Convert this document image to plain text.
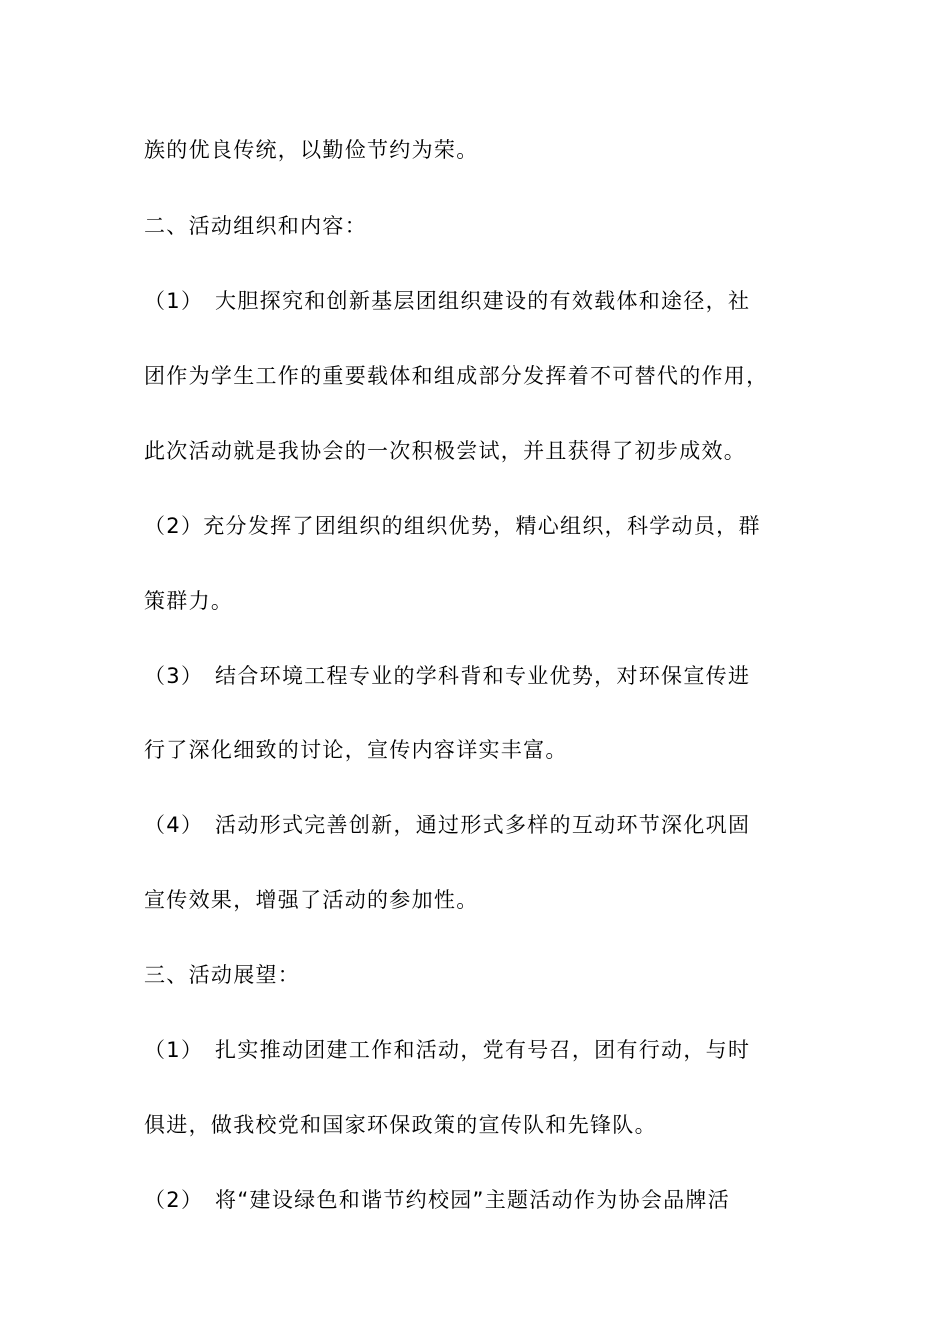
族的优良传统，以勤俭节约为荣。
二、活动组织和内容：
（1）　大胆探究和创新基层团组织建设的有效载体和途径，社
团作为学生工作的重要载体和组成部分发挥着不可替代的作用，
此次活动就是我协会的一次积极尝试，并且获得了初步成效。
（2）充分发挥了团组织的组织优势，精心组织，科学动员，群
策群力。
（3）　结合环境工程专业的学科背和专业优势，对环保宣传进
行了深化细致的讨论，宣传内容详实丰富。
（4）　活动形式完善创新，通过形式多样的互动环节深化巩固
宣传效果，增强了活动的参加性。
三、活动展望：
（1）　扎实推动团建工作和活动，党有号召，团有行动，与时
俱进，做我校党和国家环保政策的宣传队和先锋队。
（2）　将“建设绿色和谐节约校园”主题活动作为协会品牌活
